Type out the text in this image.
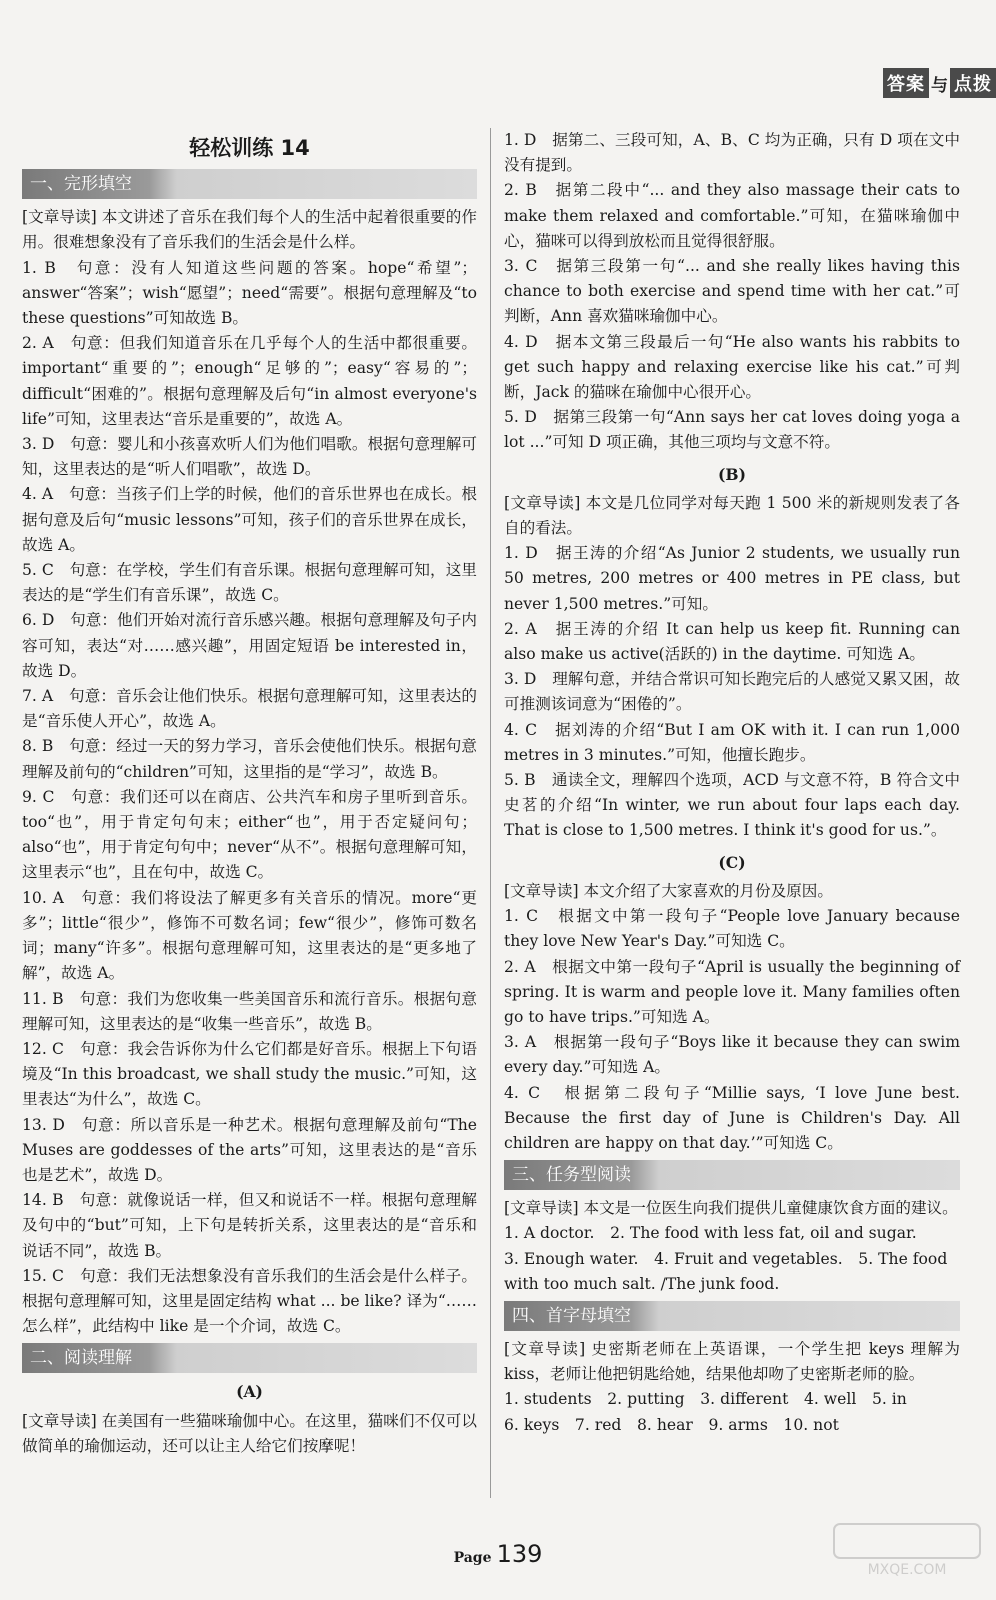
答案 与 点拨
轻松训练 14
一、完形填空

[文章导读] 本文讲述了音乐在我们每个人的生活中起着很重要的作用。很难想象没有了音乐我们的生活会是什么样。

1. B　句意：没有人知道这些问题的答案。hope“希望”；answer“答案”；wish“愿望”；need“需要”。根据句意理解及“to these questions”可知故选 B。

2. A　句意：但我们知道音乐在几乎每个人的生活中都很重要。important“重要的”；enough“足够的”；easy“容易的”；difficult“困难的”。根据句意理解及后句“in almost everyone's life”可知，这里表达“音乐是重要的”，故选 A。

3. D　句意：婴儿和小孩喜欢听人们为他们唱歌。根据句意理解可知，这里表达的是“听人们唱歌”，故选 D。

4. A　句意：当孩子们上学的时候，他们的音乐世界也在成长。根据句意及后句“music lessons”可知，孩子们的音乐世界在成长，故选 A。

5. C　句意：在学校，学生们有音乐课。根据句意理解可知，这里表达的是“学生们有音乐课”，故选 C。

6. D　句意：他们开始对流行音乐感兴趣。根据句意理解及句子内容可知，表达“对……感兴趣”，用固定短语 be interested in，故选 D。

7. A　句意：音乐会让他们快乐。根据句意理解可知，这里表达的是“音乐使人开心”，故选 A。

8. B　句意：经过一天的努力学习，音乐会使他们快乐。根据句意理解及前句的“children”可知，这里指的是“学习”，故选 B。

9. C　句意：我们还可以在商店、公共汽车和房子里听到音乐。too“也”，用于肯定句句末；either“也”，用于否定疑问句；also“也”，用于肯定句句中；never“从不”。根据句意理解可知，这里表示“也”，且在句中，故选 C。

10. A　句意：我们将设法了解更多有关音乐的情况。more“更多”；little“很少”，修饰不可数名词；few“很少”，修饰可数名词；many“许多”。根据句意理解可知，这里表达的是“更多地了解”，故选 A。

11. B　句意：我们为您收集一些美国音乐和流行音乐。根据句意理解可知，这里表达的是“收集一些音乐”，故选 B。

12. C　句意：我会告诉你为什么它们都是好音乐。根据上下句语境及“In this broadcast, we shall study the music.”可知，这里表达“为什么”，故选 C。

13. D　句意：所以音乐是一种艺术。根据句意理解及前句“The Muses are goddesses of the arts”可知，这里表达的是“音乐也是艺术”，故选 D。

14. B　句意：就像说话一样，但又和说话不一样。根据句意理解及句中的“but”可知，上下句是转折关系，这里表达的是“音乐和说话不同”，故选 B。

15. C　句意：我们无法想象没有音乐我们的生活会是什么样子。根据句意理解可知，这里是固定结构 what ... be like? 译为“……怎么样”，此结构中 like 是一个介词，故选 C。

二、阅读理解
(A)

[文章导读] 在美国有一些猫咪瑜伽中心。在这里，猫咪们不仅可以做简单的瑜伽运动，还可以让主人给它们按摩呢！

1. D　据第二、三段可知，A、B、C 均为正确，只有 D 项在文中没有提到。

2. B　据第二段中“... and they also massage their cats to make them relaxed and comfortable.”可知，在猫咪瑜伽中心，猫咪可以得到放松而且觉得很舒服。

3. C　据第三段第一句“... and she really likes having this chance to both exercise and spend time with her cat.”可判断，Ann 喜欢猫咪瑜伽中心。

4. D　据本文第三段最后一句“He also wants his rabbits to get such happy and relaxing exercise like his cat.”可判断，Jack 的猫咪在瑜伽中心很开心。

5. D　据第三段第一句“Ann says her cat loves doing yoga a lot ...”可知 D 项正确，其他三项均与文意不符。

(B)

[文章导读] 本文是几位同学对每天跑 1 500 米的新规则发表了各自的看法。

1. D　据王涛的介绍“As Junior 2 students, we usually run 50 metres, 200 metres or 400 metres in PE class, but never 1,500 metres.”可知。

2. A　据王涛的介绍 It can help us keep fit. Running can also make us active(活跃的) in the daytime. 可知选 A。

3. D　理解句意，并结合常识可知长跑完后的人感觉又累又困，故可推测该词意为“困倦的”。

4. C　据刘涛的介绍“But I am OK with it. I can run 1,000 metres in 3 minutes.”可知，他擅长跑步。

5. B　通读全文，理解四个选项，ACD 与文意不符，B 符合文中史茗的介绍“In winter, we run about four laps each day. That is close to 1,500 metres. I think it's good for us.”。

(C)

[文章导读] 本文介绍了大家喜欢的月份及原因。

1. C　根据文中第一段句子“People love January because they love New Year's Day.”可知选 C。

2. A　根据文中第一段句子“April is usually the beginning of spring. It is warm and people love it. Many families often go to have trips.”可知选 A。

3. A　根据第一段句子“Boys like it because they can swim every day.”可知选 A。

4. C　根据第二段句子“Millie says, ‘I love June best. Because the first day of June is Children's Day. All children are happy on that day.’”可知选 C。

三、任务型阅读

[文章导读] 本文是一位医生向我们提供儿童健康饮食方面的建议。

1. A doctor.　2. The food with less fat, oil and sugar.

3. Enough water.　4. Fruit and vegetables.　5. The food with too much salt. /The junk food.

四、首字母填空

[文章导读] 史密斯老师在上英语课，一个学生把 keys 理解为 kiss，老师让他把钥匙给她，结果他却吻了史密斯老师的脸。

1. students　2. putting　3. different　4. well　5. in

6. keys　7. red　8. hear　9. arms　10. not

Page 139
MXQE.COM
